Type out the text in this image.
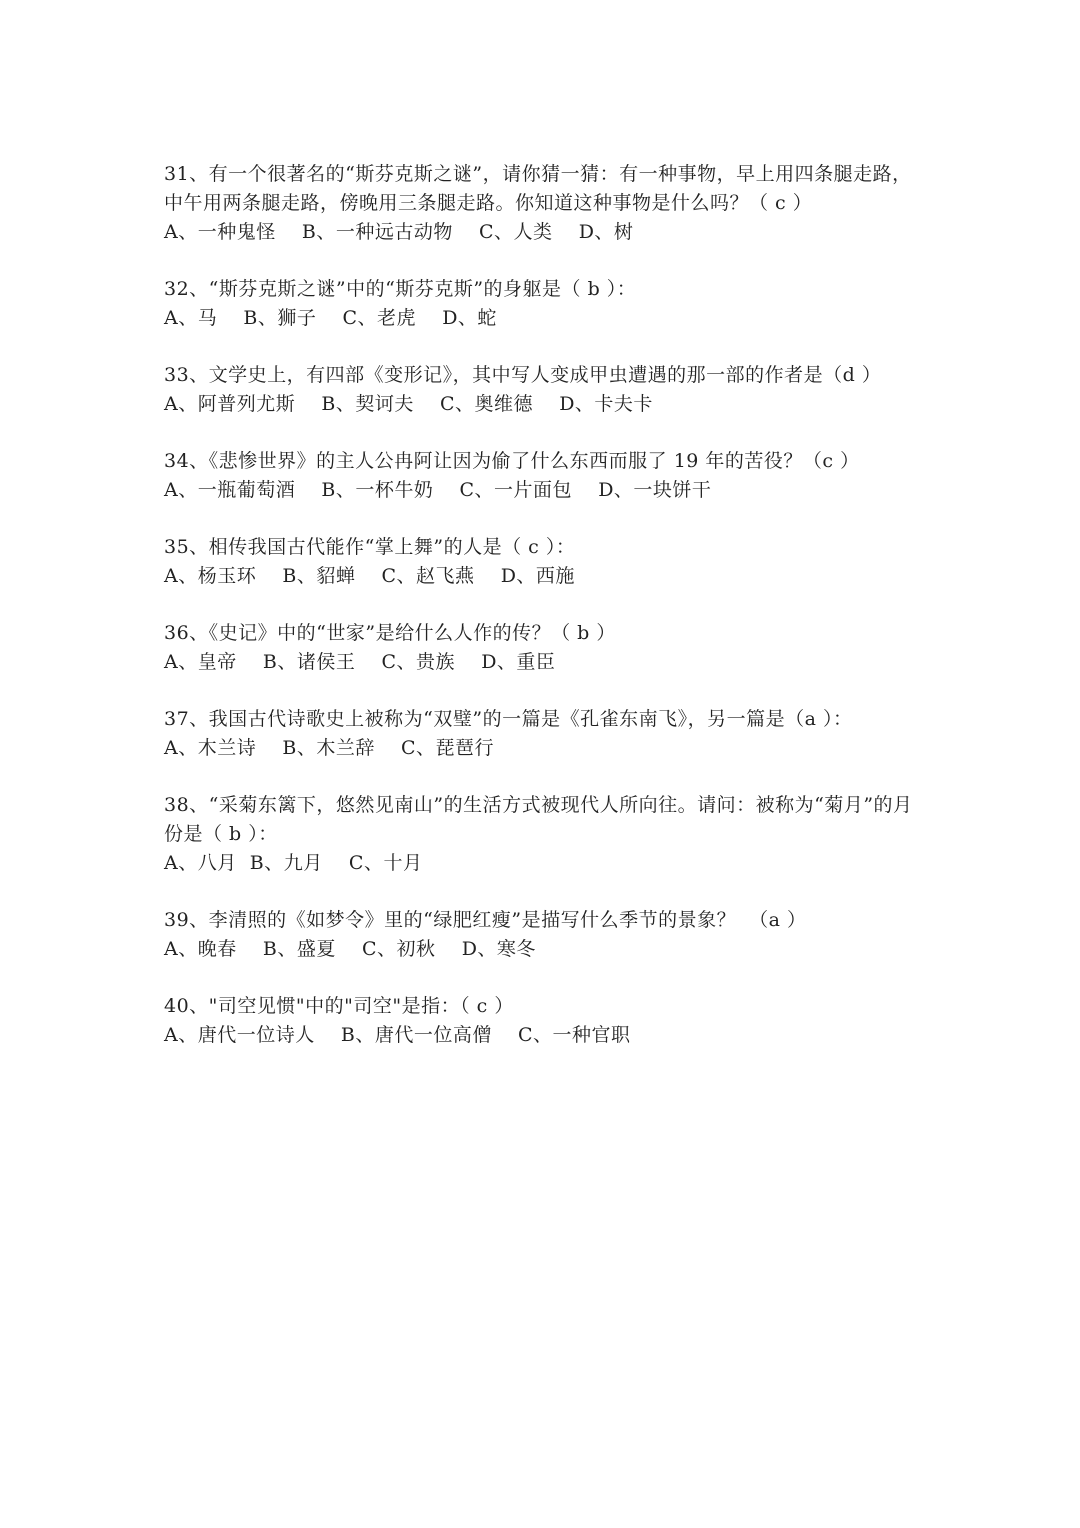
31、有一个很著名的“斯芬克斯之谜”，请你猜一猜：有一种事物，早上用四条腿走路，中午用两条腿走路，傍晚用三条腿走路。你知道这种事物是什么吗？（ c ）

A、一种鬼怪    B、一种远古动物    C、人类    D、树

32、“斯芬克斯之谜”中的“斯芬克斯”的身躯是（ b ）：

A、马    B、狮子    C、老虎    D、蛇

33、文学史上，有四部《变形记》，其中写人变成甲虫遭遇的那一部的作者是（d ）

A、阿普列尤斯    B、契诃夫    C、奥维德    D、卡夫卡

34、《悲惨世界》的主人公冉阿让因为偷了什么东西而服了 19 年的苦役？（c ）

A、一瓶葡萄酒    B、一杯牛奶    C、一片面包    D、一块饼干

35、相传我国古代能作“掌上舞”的人是（ c ）：

A、杨玉环    B、貂蝉    C、赵飞燕    D、西施

36、《史记》中的“世家”是给什么人作的传？（ b ）

A、皇帝    B、诸侯王    C、贵族    D、重臣

37、我国古代诗歌史上被称为“双璧”的一篇是《孔雀东南飞》，另一篇是（a ）：

A、木兰诗    B、木兰辞    C、琵琶行

38、“采菊东篱下，悠然见南山”的生活方式被现代人所向往。请问：被称为“菊月”的月份是（ b ）：

A、八月  B、九月    C、十月

39、李清照的《如梦令》里的“绿肥红瘦”是描写什么季节的景象？  （a ）

A、晚春    B、盛夏    C、初秋    D、寒冬

40、"司空见惯"中的"司空"是指：（ c ）

A、唐代一位诗人    B、唐代一位高僧    C、一种官职
